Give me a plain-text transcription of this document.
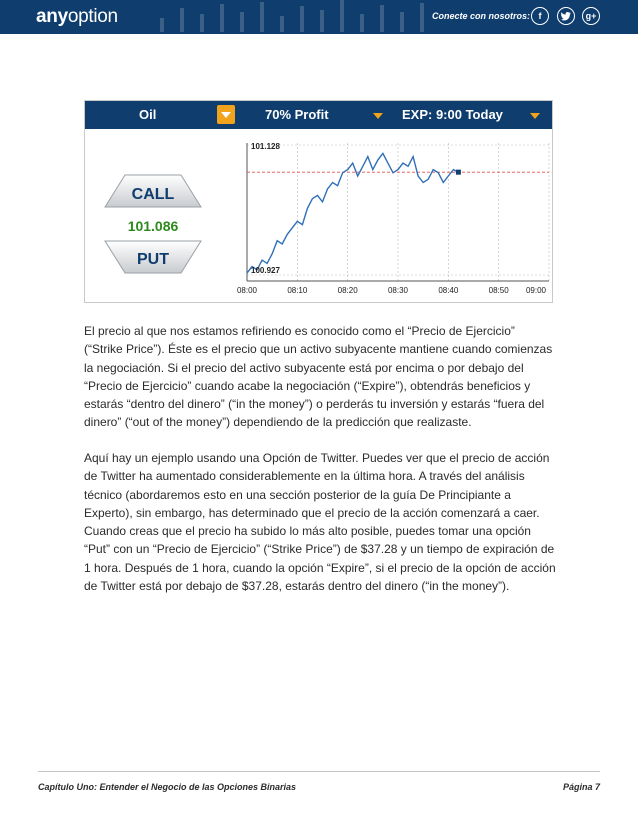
anyoption	Conecte con nosotros: f	g+
Oil	70% Profit	EXP: 9:00 Today
CALL
101.086
PUT
101.128
100.927
08:00	08:10	08:20	08:30	08:40	08:50 09:00

El precio al que nos estamos refiriendo es conocido como el “Precio de Ejercicio” (“Strike Price”). Éste es el precio que un activo subyacente mantiene cuando comienzas la negociación. Si el precio del activo subyacente está por encima o por debajo del “Precio de Ejercicio” cuando acabe la negociación (“Expire”), obtendrás beneficios y estarás “dentro del dinero” (“in the money”) o perderás tu inversión y estarás “fuera del dinero” (“out of the money”) dependiendo de la predicción que realizaste.

Aquí hay un ejemplo usando una Opción de Twitter. Puedes ver que el precio de acción de Twitter ha aumentado considerablemente en la última hora. A través del análisis técnico (abordaremos esto en una sección posterior de la guía De Principiante a Experto), sin embargo, has determinado que el precio de la acción comenzará a caer. Cuando creas que el precio ha subido lo más alto posible, puedes tomar una opción “Put” con un “Precio de Ejercicio” (“Strike Price”) de $37.28 y un tiempo de expiración de 1 hora. Después de 1 hora, cuando la opción “Expire”, si el precio de la opción de acción de Twitter está por debajo de $37.28, estarás dentro del dinero (“in the money”).

Capítulo Uno: Entender el Negocio de las Opciones Binarias	Página 7
